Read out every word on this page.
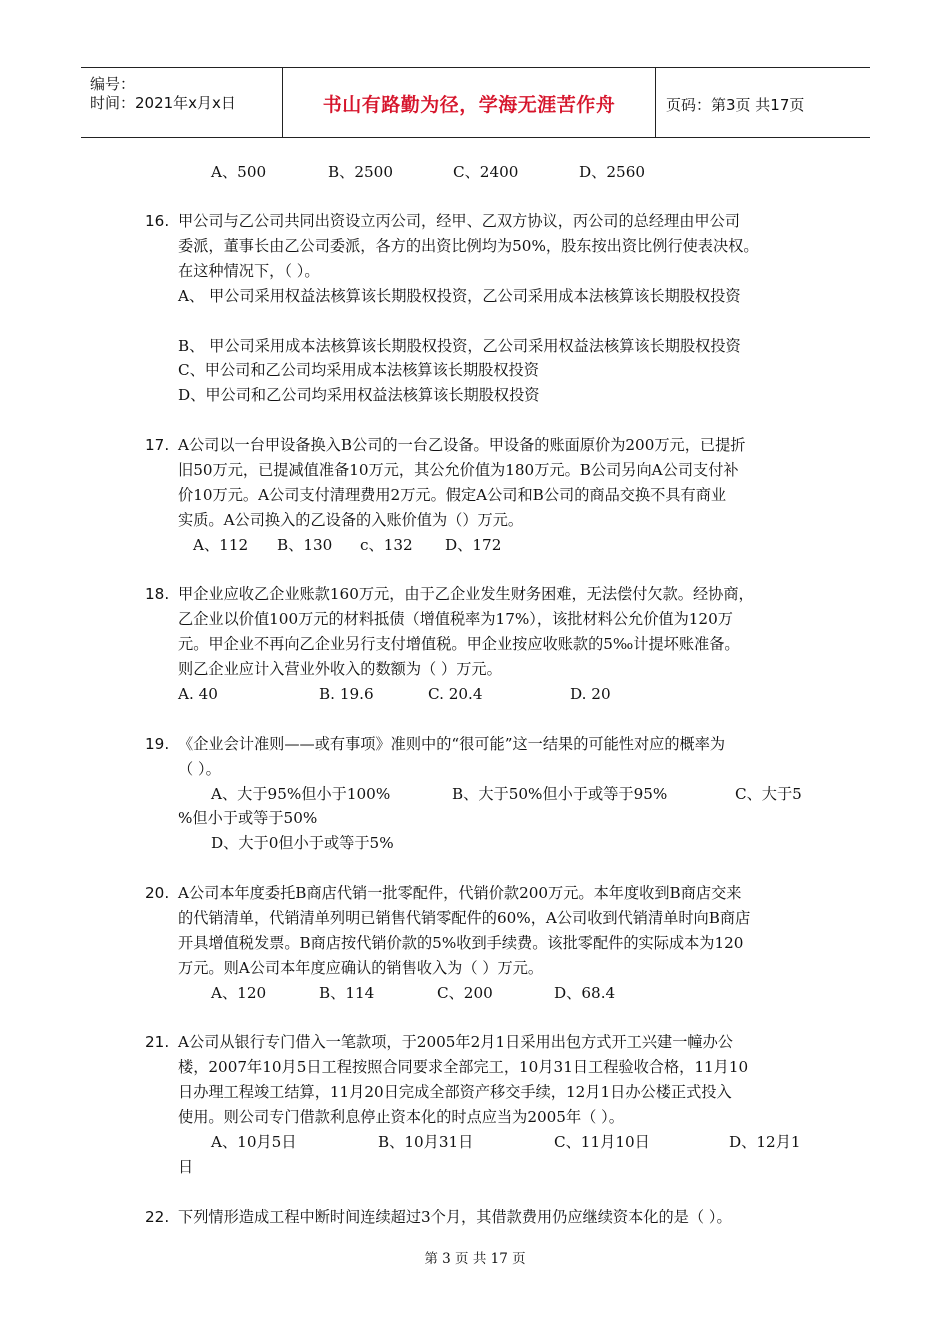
编号：
时间：2021年x月x日	书山有路勤为径，学海无涯苦作舟	页码：第3页 共17页
A、500	B、2500	C、2400	D、2560
16. 甲公司与乙公司共同出资设立丙公司，经甲、乙双方协议，丙公司的总经理由甲公司
委派，董事长由乙公司委派，各方的出资比例均为50%，股东按出资比例行使表决权。
在这种情况下，（ ）。
A、 甲公司采用权益法核算该长期股权投资，乙公司采用成本法核算该长期股权投资
B、 甲公司采用成本法核算该长期股权投资，乙公司采用权益法核算该长期股权投资
C、甲公司和乙公司均采用成本法核算该长期股权投资
D、甲公司和乙公司均采用权益法核算该长期股权投资
17. A公司以一台甲设备换入B公司的一台乙设备。甲设备的账面原价为200万元，已提折
旧50万元，已提减值准备10万元，其公允价值为180万元。B公司另向A公司支付补
价10万元。A公司支付清理费用2万元。假定A公司和B公司的商品交换不具有商业
实质。A公司换入的乙设备的入账价值为（）万元。
A、112 B、130 c、132 D、172
18. 甲企业应收乙企业账款160万元，由于乙企业发生财务困难，无法偿付欠款。经协商，
乙企业以价值100万元的材料抵债（增值税率为17%），该批材料公允价值为120万
元。甲企业不再向乙企业另行支付增值税。甲企业按应收账款的5‰计提坏账准备。
则乙企业应计入营业外收入的数额为（ ）万元。
A. 40	B. 19.6	C. 20.4	D. 20
19. 《企业会计准则——或有事项》准则中的“很可能”这一结果的可能性对应的概率为
（ ）。
A、大于95%但小于100%	B、大于50%但小于或等于95%	C、大于5
%但小于或等于50%
D、大于0但小于或等于5%
20. A公司本年度委托B商店代销一批零配件，代销价款200万元。本年度收到B商店交来
的代销清单，代销清单列明已销售代销零配件的60%，A公司收到代销清单时向B商店
开具增值税发票。B商店按代销价款的5%收到手续费。该批零配件的实际成本为120
万元。则A公司本年度应确认的销售收入为（ ）万元。
A、120	B、114	C、200	D、68.4
21. A公司从银行专门借入一笔款项，于2005年2月1日采用出包方式开工兴建一幢办公
楼，2007年10月5日工程按照合同要求全部完工，10月31日工程验收合格，11月10
日办理工程竣工结算，11月20日完成全部资产移交手续，12月1日办公楼正式投入
使用。则公司专门借款利息停止资本化的时点应当为2005年（ ）。
A、10月5日	B、10月31日	C、11月10日	D、12月1
日
22. 下列情形造成工程中断时间连续超过3个月，其借款费用仍应继续资本化的是（ ）。
第 3 页 共 17 页
